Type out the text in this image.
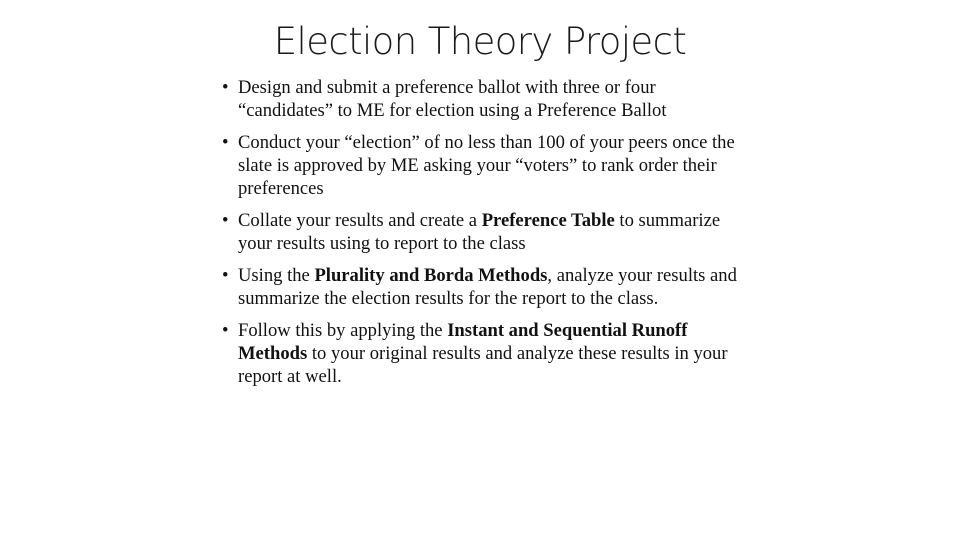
Election Theory Project
• Design and submit a preference ballot with three or four “candidates” to ME for election using a Preference Ballot
• Conduct your “election” of no less than 100 of your peers once the slate is approved by ME asking your “voters” to rank order their preferences
• Collate your results and create a Preference Table to summarize your results using to report to the class
• Using the Plurality and Borda Methods, analyze your results and summarize the election results for the report to the class.
• Follow this by applying the Instant and Sequential Runoff Methods to your original results and analyze these results in your report at well.
